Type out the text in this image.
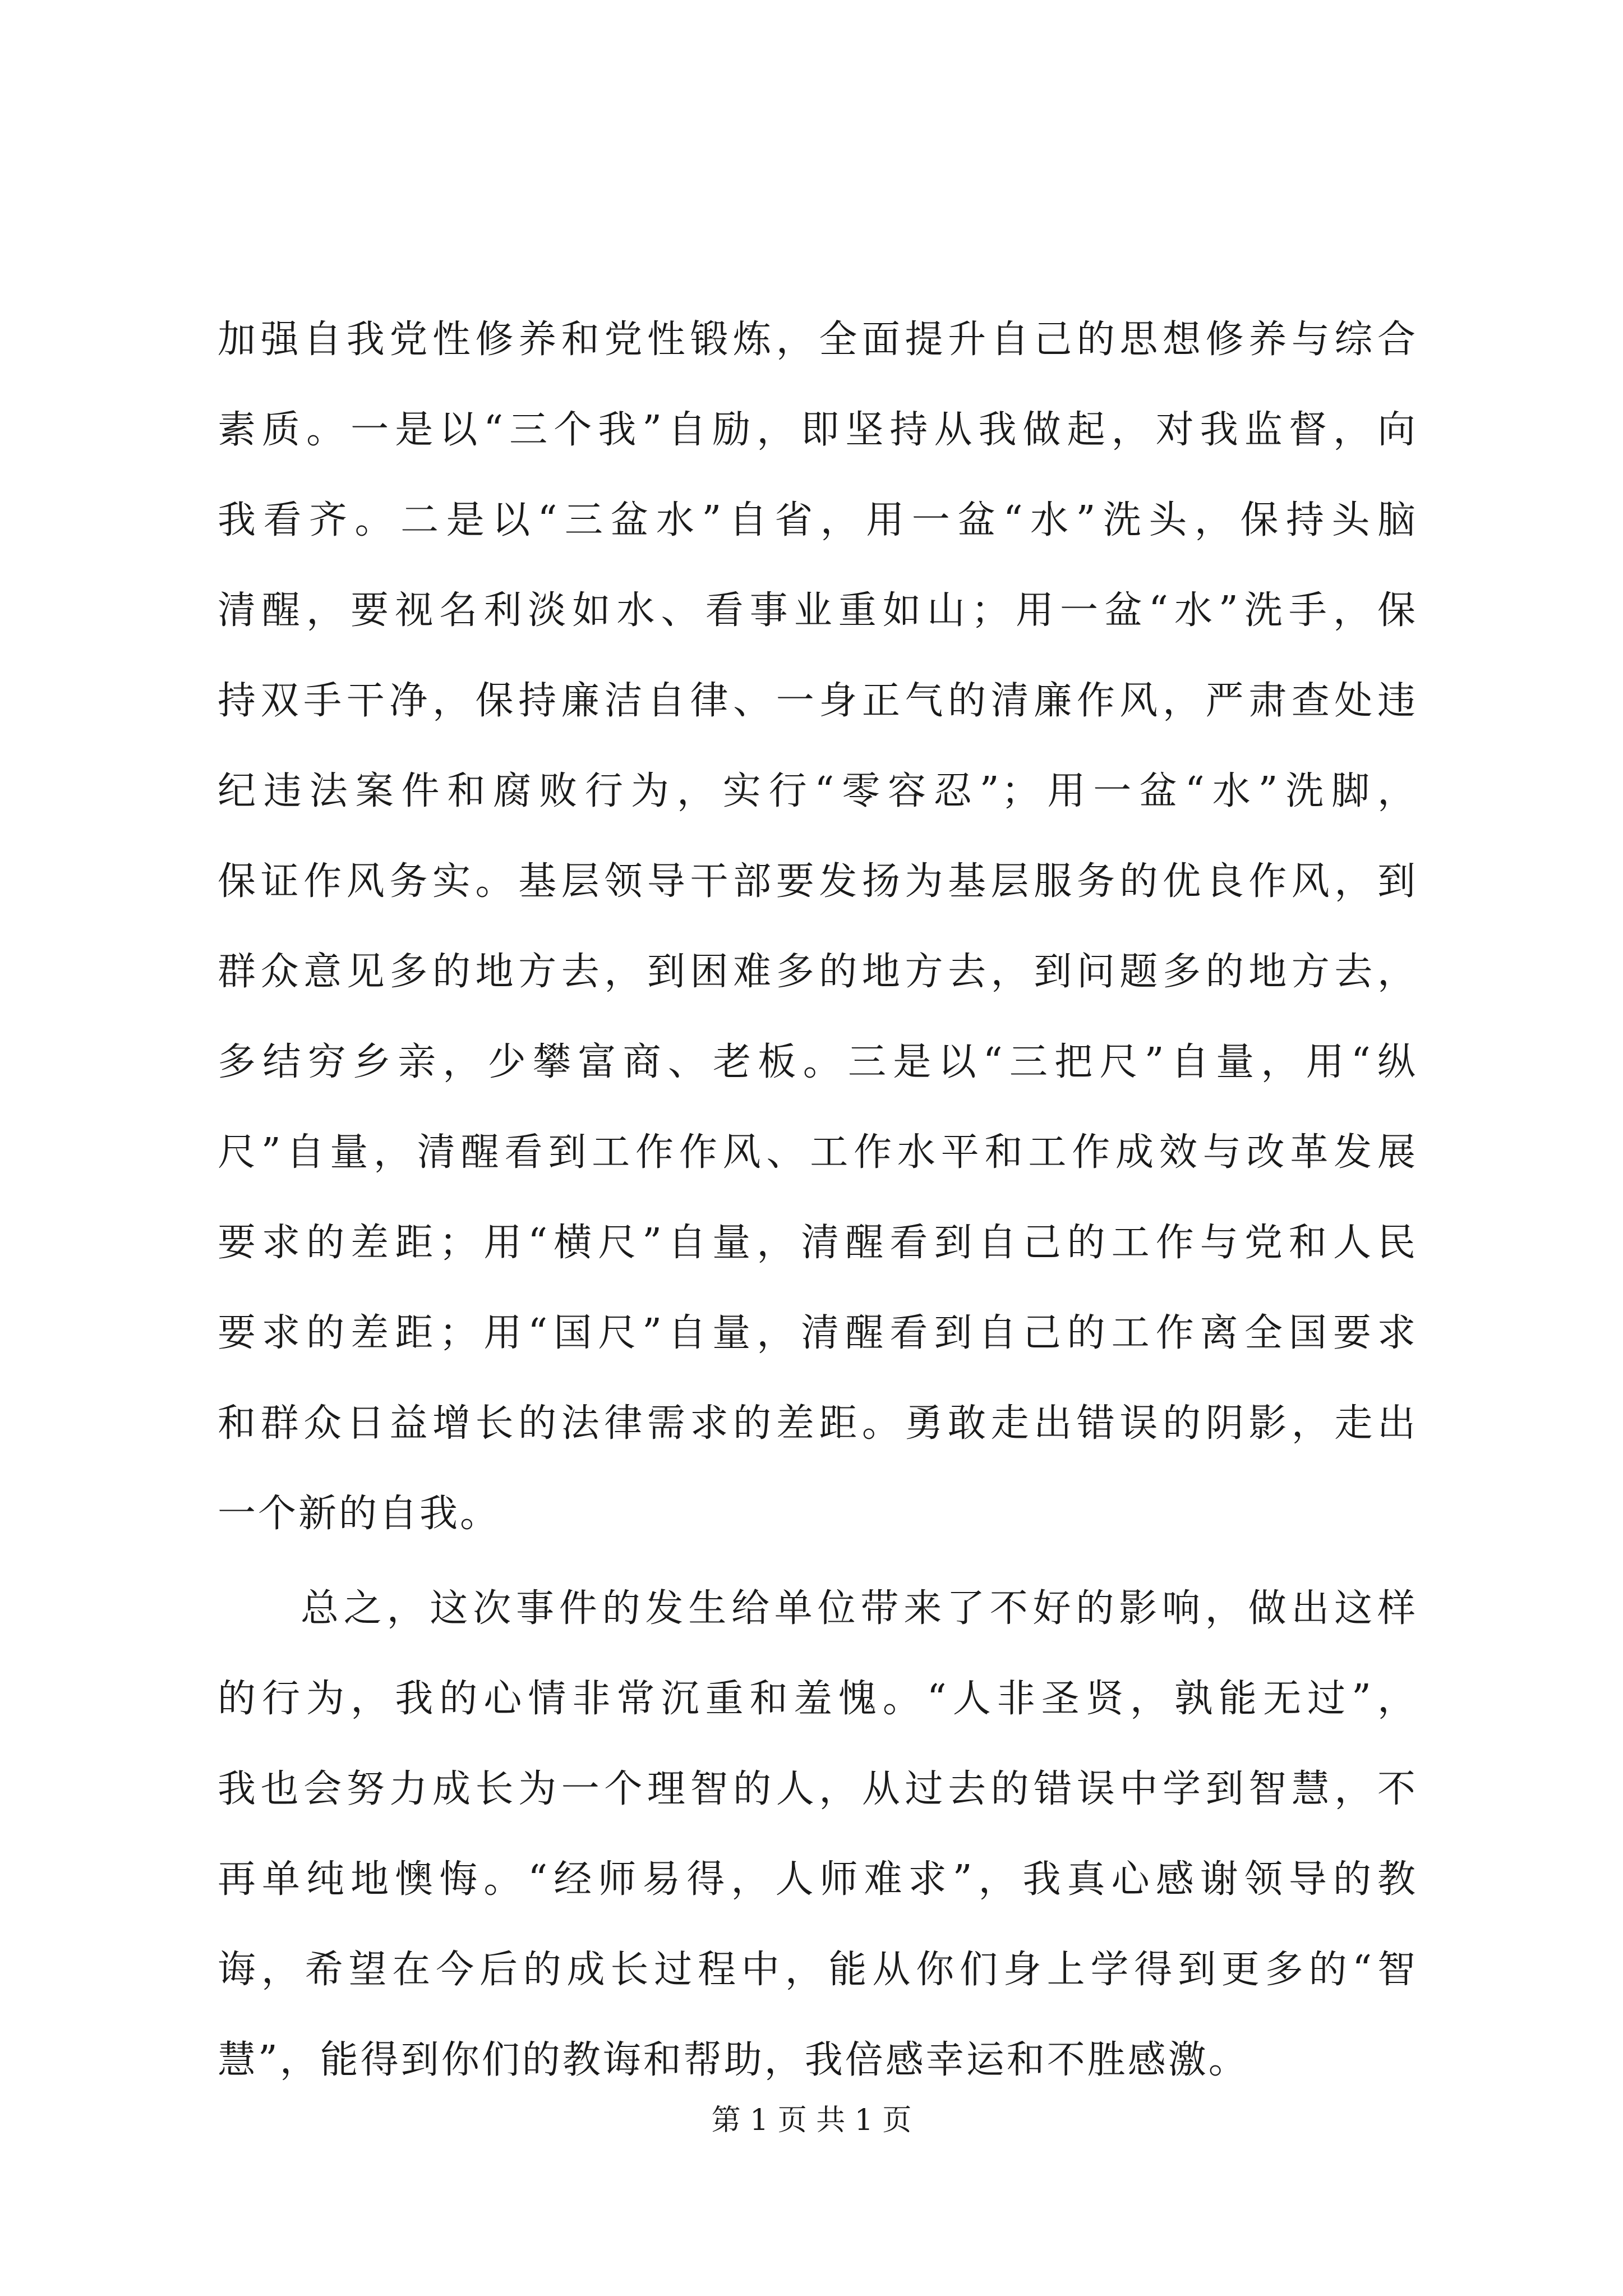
加强自我党性修养和党性锻炼，全面提升自己的思想修养与综合
素质。一是以“三个我”自励，即坚持从我做起，对我监督，向
我看齐。二是以“三盆水”自省，用一盆“水”洗头，保持头脑
清醒，要视名利淡如水、看事业重如山；用一盆“水”洗手，保
持双手干净，保持廉洁自律、一身正气的清廉作风，严肃查处违
纪违法案件和腐败行为，实行“零容忍”；用一盆“水”洗脚，
保证作风务实。基层领导干部要发扬为基层服务的优良作风，到
群众意见多的地方去，到困难多的地方去，到问题多的地方去，
多结穷乡亲，少攀富商、老板。三是以“三把尺”自量，用“纵
尺”自量，清醒看到工作作风、工作水平和工作成效与改革发展
要求的差距；用“横尺”自量，清醒看到自己的工作与党和人民
要求的差距；用“国尺”自量，清醒看到自己的工作离全国要求
和群众日益增长的法律需求的差距。勇敢走出错误的阴影，走出
一个新的自我。
总之，这次事件的发生给单位带来了不好的影响，做出这样
的行为，我的心情非常沉重和羞愧。“人非圣贤，孰能无过”，
我也会努力成长为一个理智的人，从过去的错误中学到智慧，不
再单纯地懊悔。“经师易得，人师难求”，我真心感谢领导的教
诲，希望在今后的成长过程中，能从你们身上学得到更多的“智
慧”，能得到你们的教诲和帮助，我倍感幸运和不胜感激。
第 1 页 共 1 页
